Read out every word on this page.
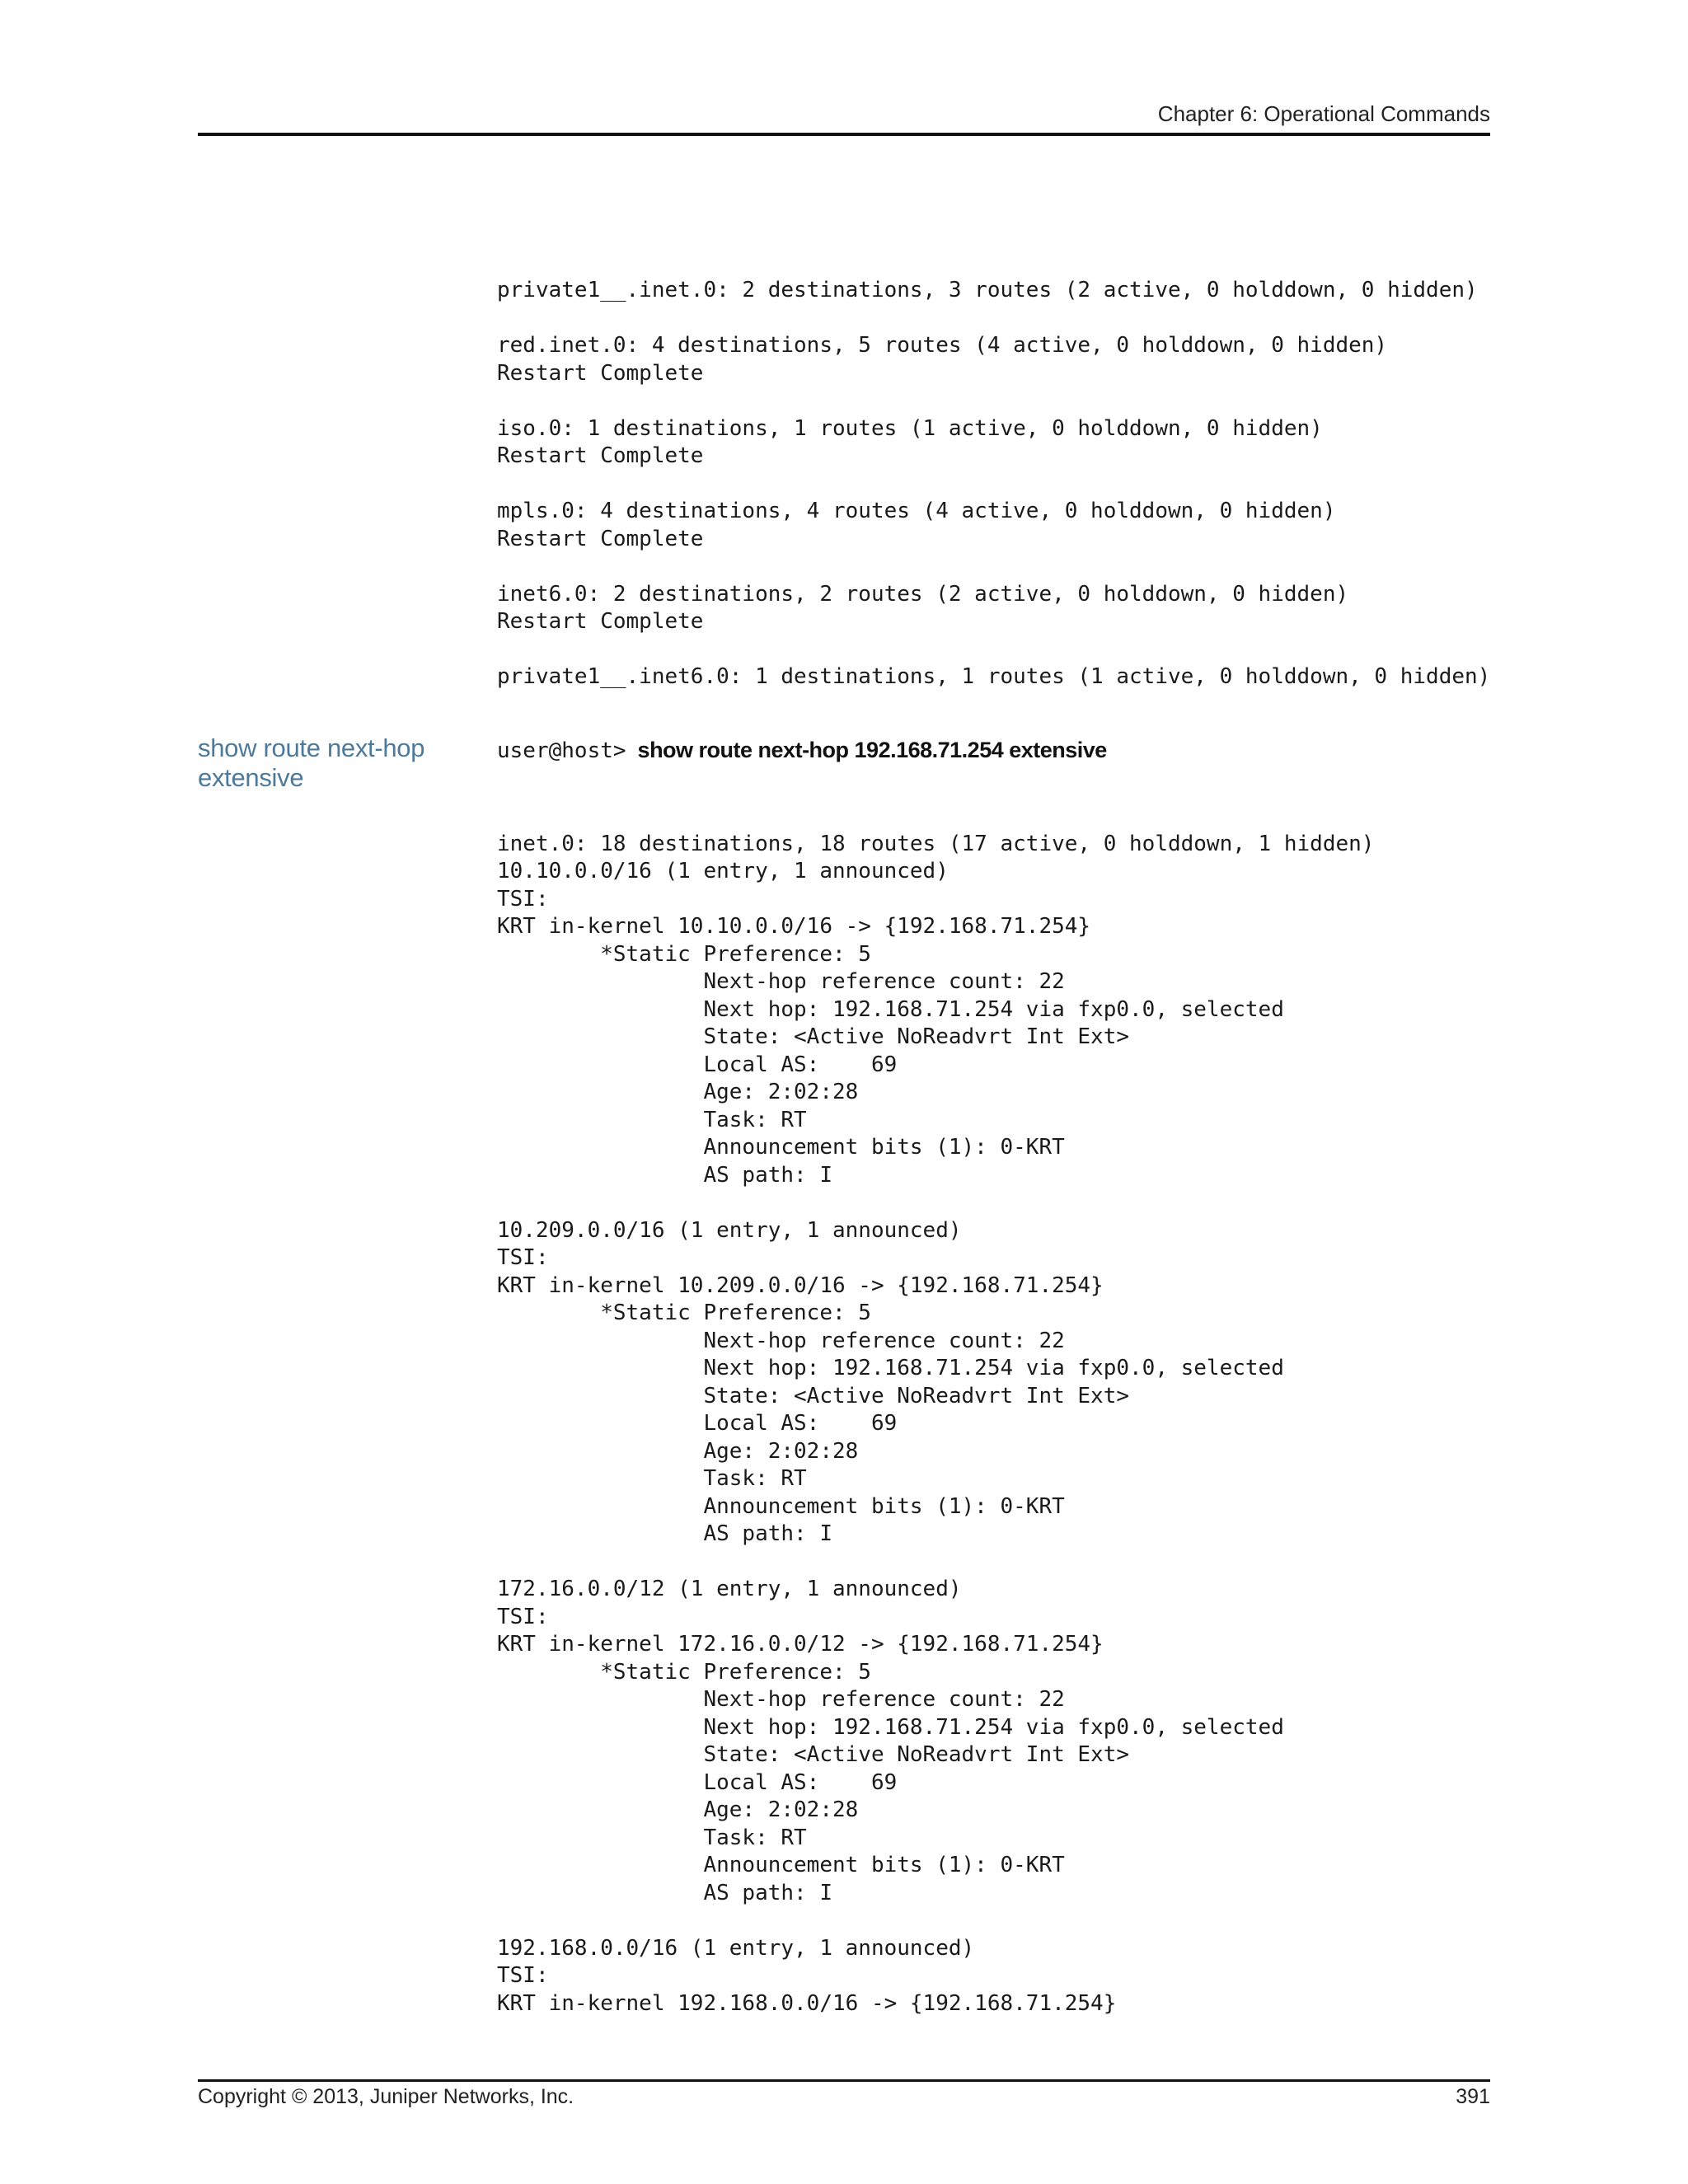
Chapter 6: Operational Commands
private1__.inet.0: 2 destinations, 3 routes (2 active, 0 holddown, 0 hidden)
red.inet.0: 4 destinations, 5 routes (4 active, 0 holddown, 0 hidden)
Restart Complete
iso.0: 1 destinations, 1 routes (1 active, 0 holddown, 0 hidden)
Restart Complete
mpls.0: 4 destinations, 4 routes (4 active, 0 holddown, 0 hidden)
Restart Complete
inet6.0: 2 destinations, 2 routes (2 active, 0 holddown, 0 hidden)
Restart Complete
private1__.inet6.0: 1 destinations, 1 routes (1 active, 0 holddown, 0 hidden)
show route next-hop extensive
user@host> show route next-hop 192.168.71.254 extensive
inet.0: 18 destinations, 18 routes (17 active, 0 holddown, 1 hidden)
10.10.0.0/16 (1 entry, 1 announced)
TSI:
KRT in-kernel 10.10.0.0/16 -> {192.168.71.254}
*Static Preference: 5
Next-hop reference count: 22
Next hop: 192.168.71.254 via fxp0.0, selected
State: <Active NoReadvrt Int Ext>
Local AS:    69
Age: 2:02:28
Task: RT
Announcement bits (1): 0-KRT
AS path: I
10.209.0.0/16 (1 entry, 1 announced)
TSI:
KRT in-kernel 10.209.0.0/16 -> {192.168.71.254}
*Static Preference: 5
Next-hop reference count: 22
Next hop: 192.168.71.254 via fxp0.0, selected
State: <Active NoReadvrt Int Ext>
Local AS:    69
Age: 2:02:28
Task: RT
Announcement bits (1): 0-KRT
AS path: I
172.16.0.0/12 (1 entry, 1 announced)
TSI:
KRT in-kernel 172.16.0.0/12 -> {192.168.71.254}
*Static Preference: 5
Next-hop reference count: 22
Next hop: 192.168.71.254 via fxp0.0, selected
State: <Active NoReadvrt Int Ext>
Local AS:    69
Age: 2:02:28
Task: RT
Announcement bits (1): 0-KRT
AS path: I
192.168.0.0/16 (1 entry, 1 announced)
TSI:
KRT in-kernel 192.168.0.0/16 -> {192.168.71.254}
Copyright © 2013, Juniper Networks, Inc.	391
